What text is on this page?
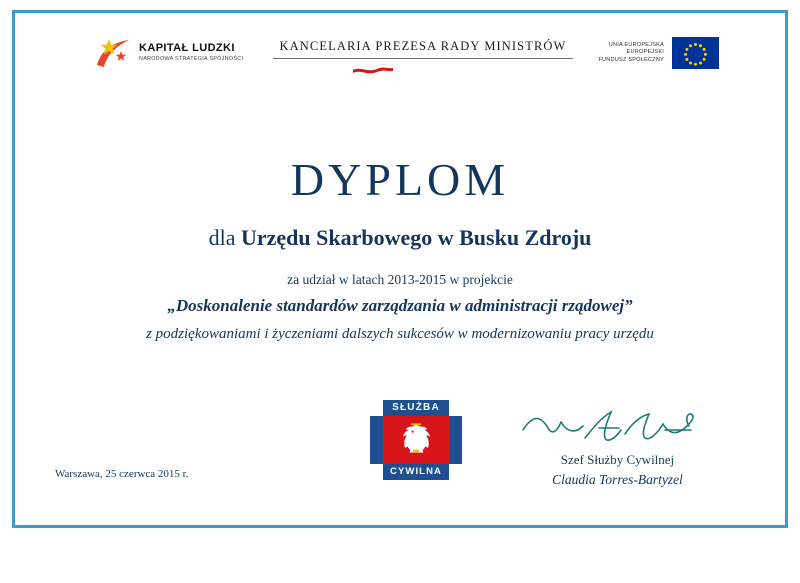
KAPITAŁ LUDZKI
NARODOWA STRATEGIA SPÓJNOŚCI
KANCELARIA PREZESA RADY MINISTRÓW	UNIA EUROPEJSKA
EUROPEJSKI
FUNDUSZ SPOŁECZNY
DYPLOM
dla Urzędu Skarbowego w Busku Zdroju
za udział w latach 2013-2015 w projekcie
„Doskonalenie standardów zarządzania w administracji rządowej”
z podziękowaniami i życzeniami dalszych sukcesów w modernizowaniu pracy urzędu
SŁUŻBA
CYWILNA
Szef Służby Cywilnej
Claudia Torres-Bartyzel
Warszawa, 25 czerwca 2015 r.
